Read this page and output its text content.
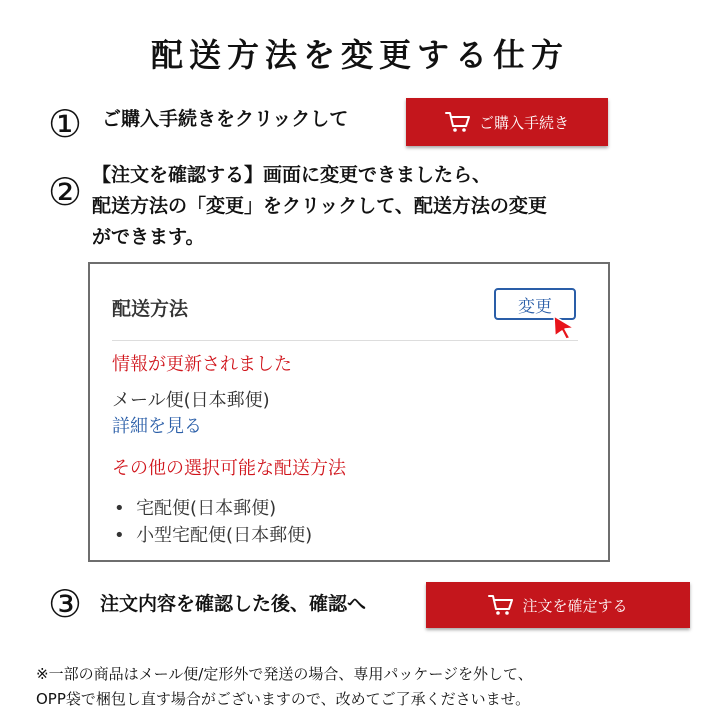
配送方法を変更する仕方
① ご購入手続きをクリックして	ご購入手続き
② 【注文を確認する】画面に変更できましたら、
配送方法の「変更」をクリックして、配送方法の変更
ができます。
配送方法	変更
情報が更新されました
メール便(日本郵便)
詳細を見る
その他の選択可能な配送方法
•  宅配便(日本郵便)
•  小型宅配便(日本郵便)
③ 注文内容を確認した後、確認へ	注文を確定する
※一部の商品はメール便/定形外で発送の場合、専用パッケージを外して、
OPP袋で梱包し直す場合がございますので、改めてご了承くださいませ。
